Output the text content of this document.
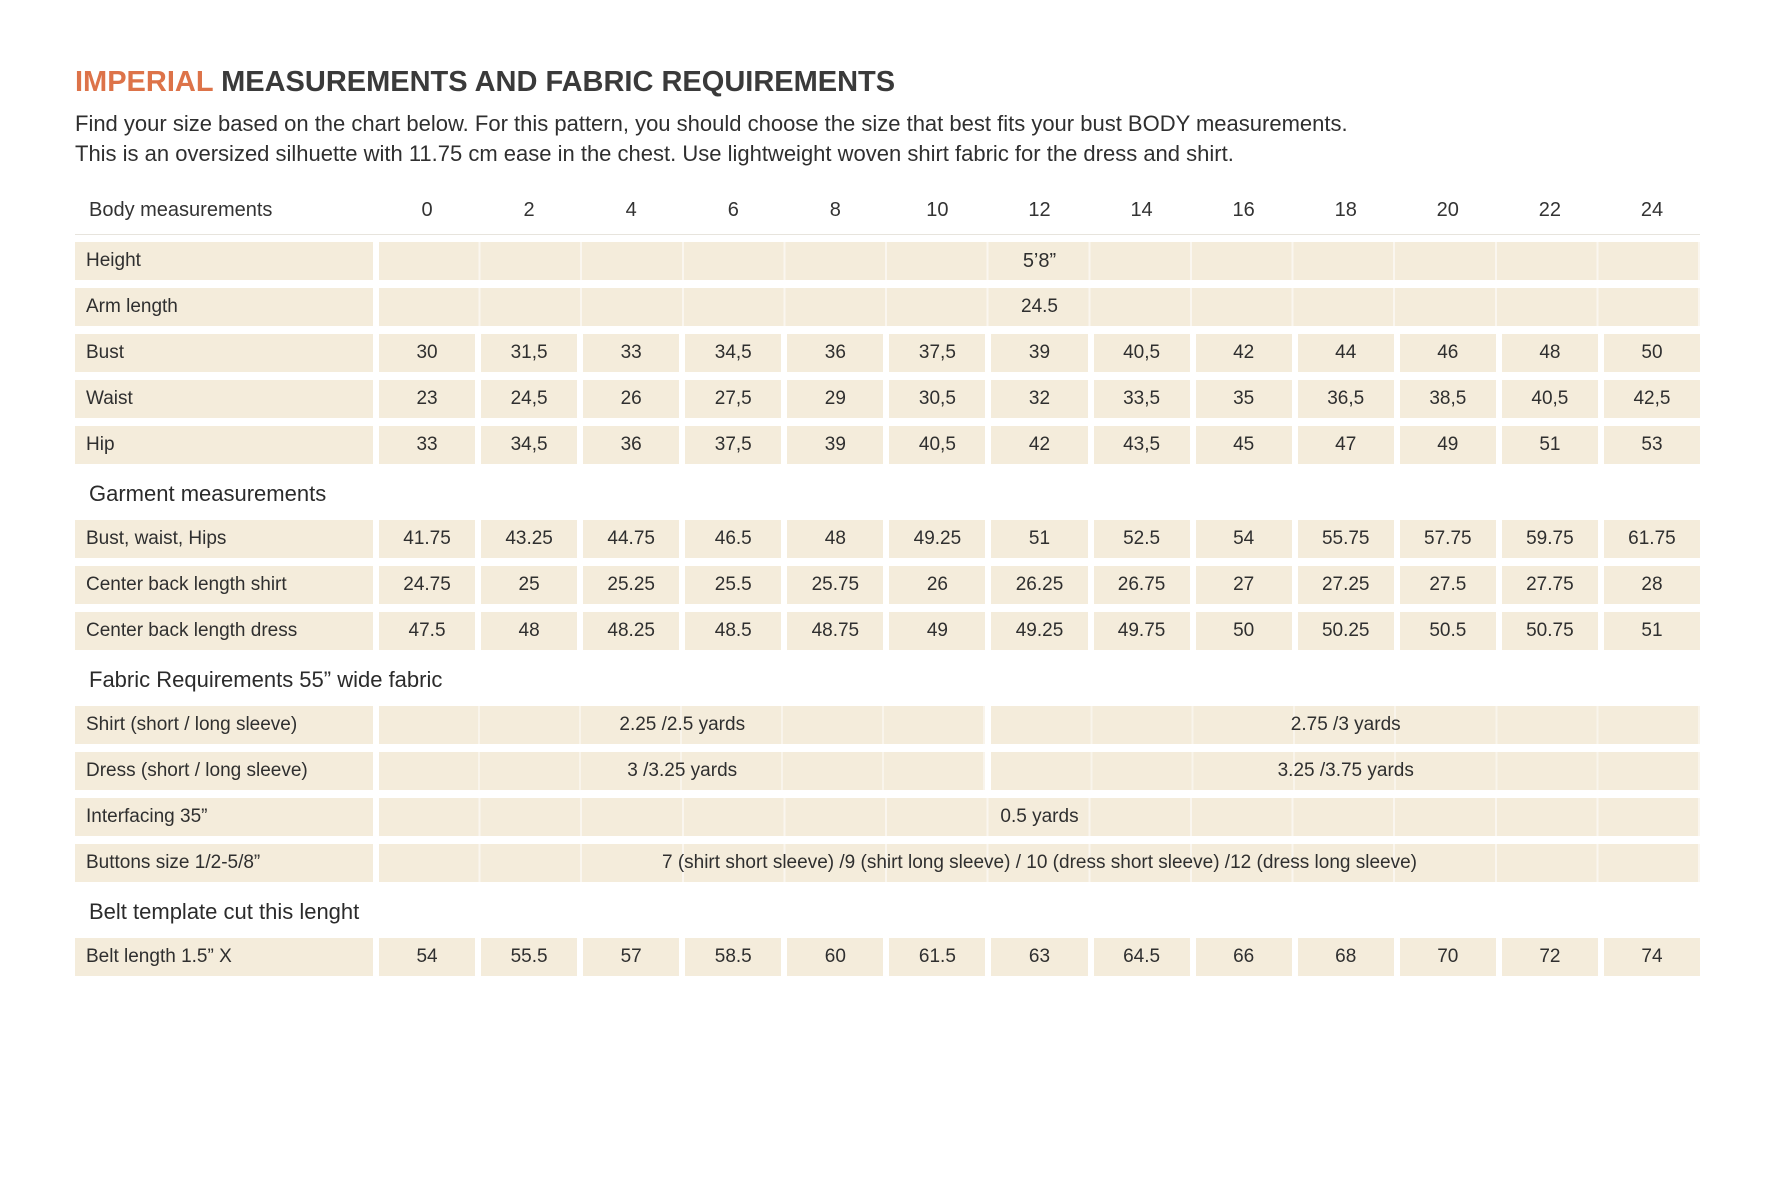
IMPERIAL MEASUREMENTS AND FABRIC REQUIREMENTS

Find your size based on the chart below. For this pattern, you should choose the size that best fits your bust BODY measurements.
This is an oversized silhuette with 11.75 cm ease in the chest. Use lightweight woven shirt fabric for the dress and shirt.

Body measurements	0	2	4	6	8	10	12	14	16	18	20	22	24
Height	5’8”
Arm length	24.5
Bust	30	31,5	33	34,5	36	37,5	39	40,5	42	44	46	48	50
Waist	23	24,5	26	27,5	29	30,5	32	33,5	35	36,5	38,5	40,5	42,5
Hip	33	34,5	36	37,5	39	40,5	42	43,5	45	47	49	51	53
Garment measurements
Bust, waist, Hips	41.75	43.25	44.75	46.5	48	49.25	51	52.5	54	55.75	57.75	59.75	61.75
Center back length shirt	24.75	25	25.25	25.5	25.75	26	26.25	26.75	27	27.25	27.5	27.75	28
Center back length dress	47.5	48	48.25	48.5	48.75	49	49.25	49.75	50	50.25	50.5	50.75	51
Fabric Requirements 55” wide fabric
Shirt (short / long sleeve)	2.25 /2.5 yards	2.75 /3 yards
Dress (short / long sleeve)	3 /3.25 yards	3.25 /3.75 yards
Interfacing 35”	0.5 yards
Buttons size 1/2-5/8”	7 (shirt short sleeve) /9 (shirt long sleeve) / 10 (dress short sleeve) /12 (dress long sleeve)
Belt template cut this lenght
Belt length 1.5” X	54	55.5	57	58.5	60	61.5	63	64.5	66	68	70	72	74
